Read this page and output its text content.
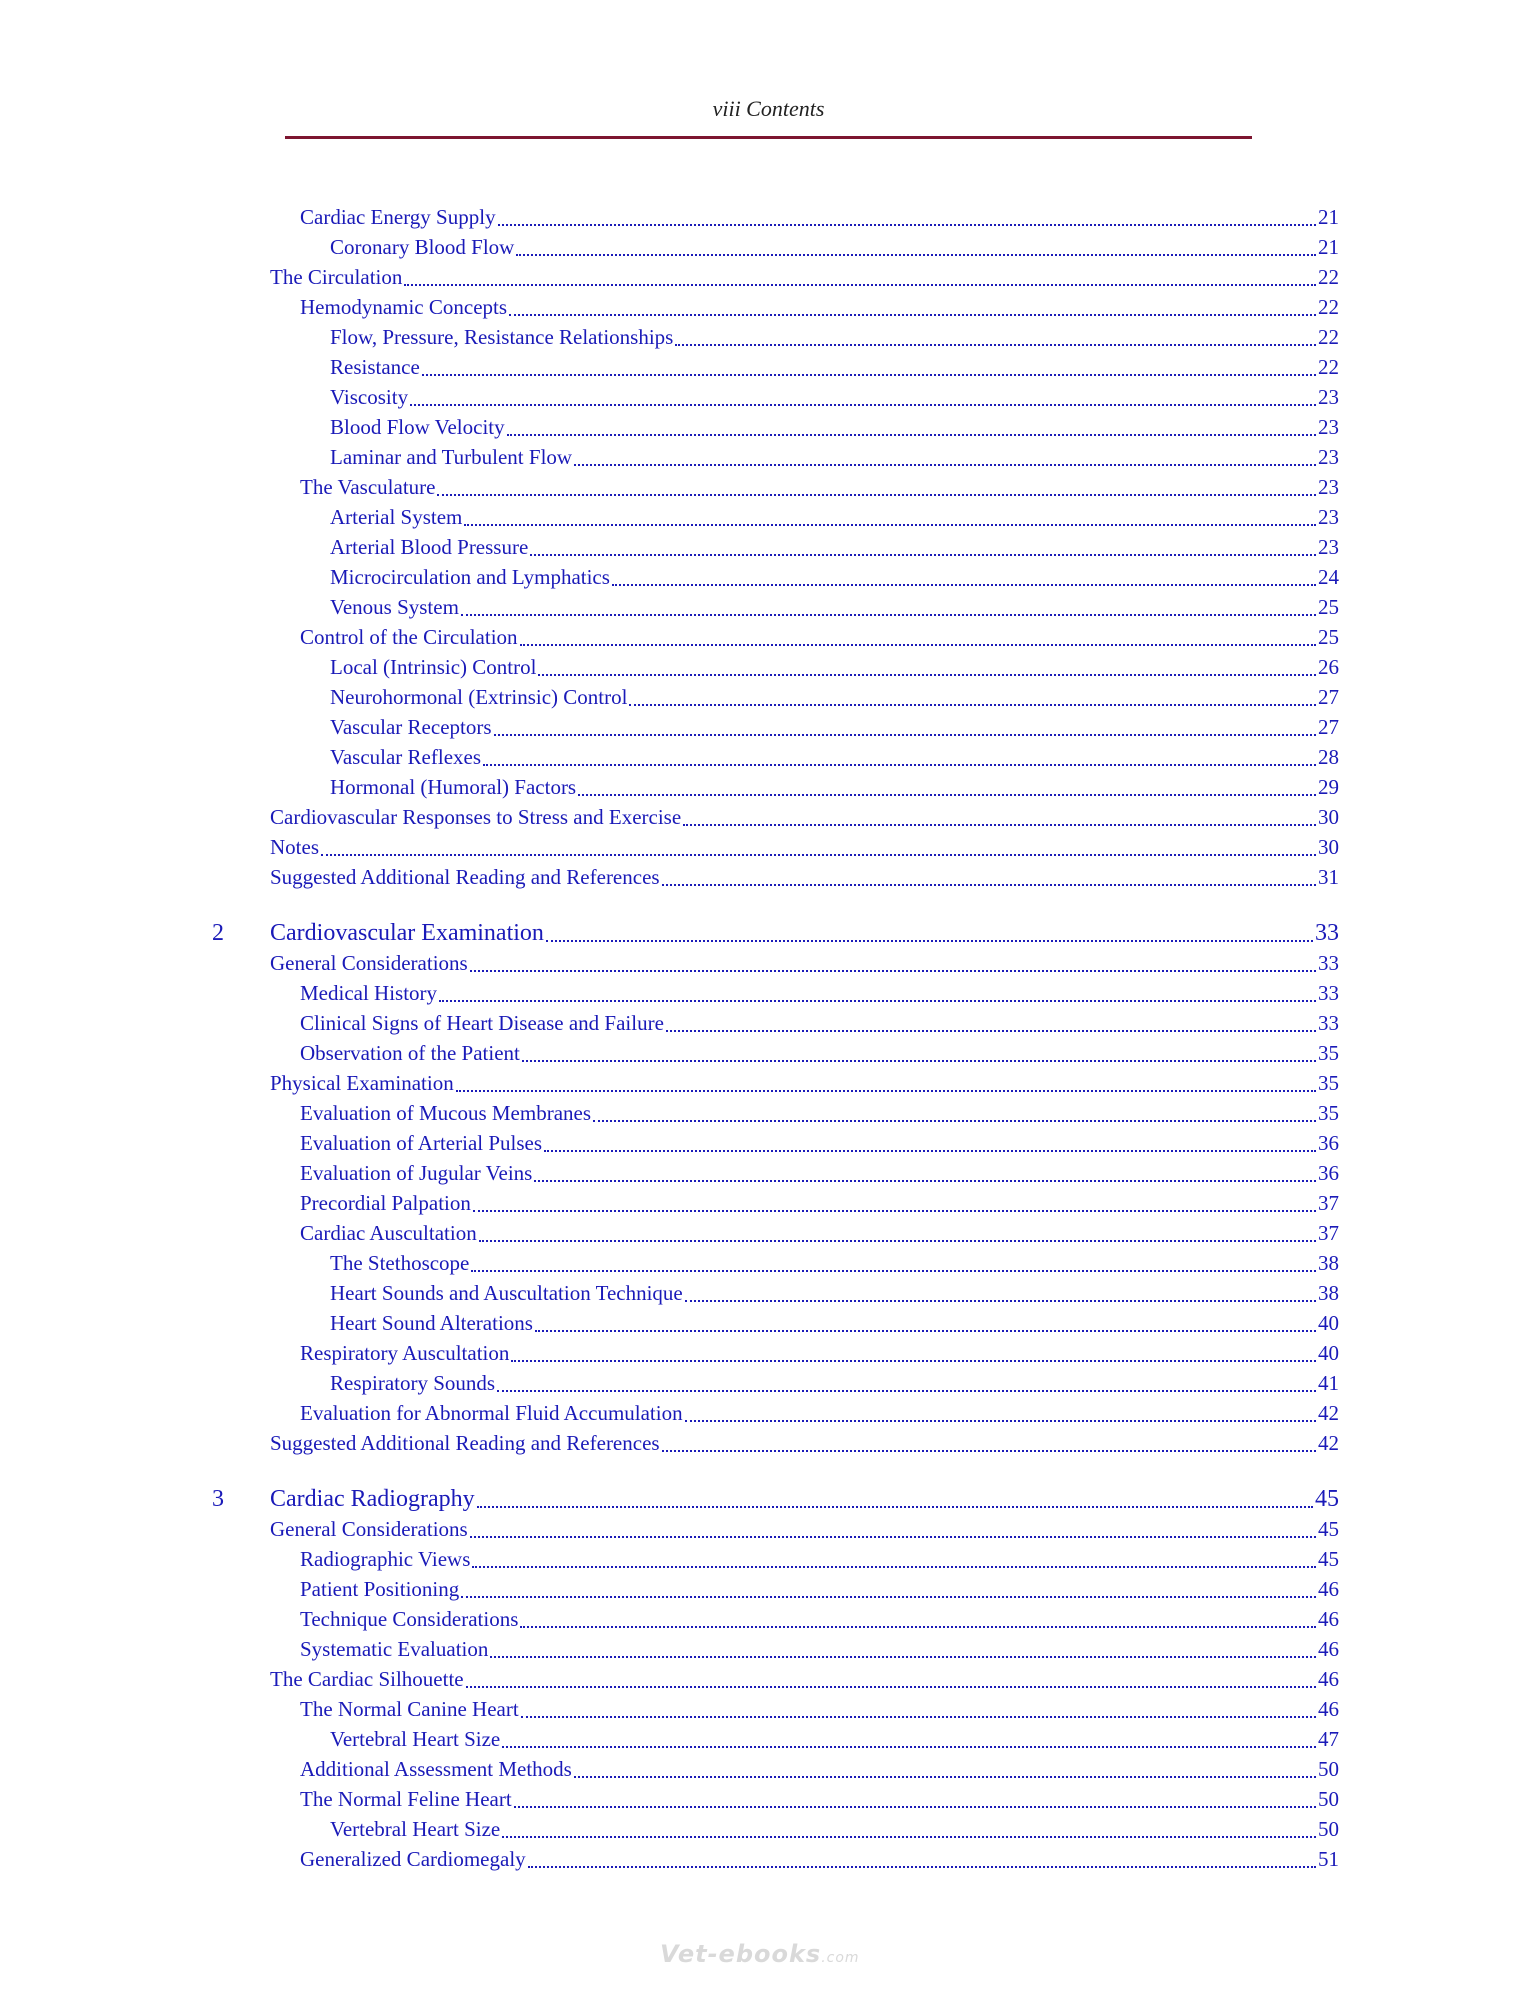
viii Contents
Cardiac Energy Supply	21
Coronary Blood Flow	21
The Circulation	22
Hemodynamic Concepts	22
Flow, Pressure, Resistance Relationships	22
Resistance	22
Viscosity	23
Blood Flow Velocity	23
Laminar and Turbulent Flow	23
The Vasculature	23
Arterial System	23
Arterial Blood Pressure	23
Microcirculation and Lymphatics	24
Venous System	25
Control of the Circulation	25
Local (Intrinsic) Control	26
Neurohormonal (Extrinsic) Control	27
Vascular Receptors	27
Vascular Reflexes	28
Hormonal (Humoral) Factors	29
Cardiovascular Responses to Stress and Exercise	30
Notes	30
Suggested Additional Reading and References	31
2 Cardiovascular Examination	33
General Considerations	33
Medical History	33
Clinical Signs of Heart Disease and Failure	33
Observation of the Patient	35
Physical Examination	35
Evaluation of Mucous Membranes	35
Evaluation of Arterial Pulses	36
Evaluation of Jugular Veins	36
Precordial Palpation	37
Cardiac Auscultation	37
The Stethoscope	38
Heart Sounds and Auscultation Technique	38
Heart Sound Alterations	40
Respiratory Auscultation	40
Respiratory Sounds	41
Evaluation for Abnormal Fluid Accumulation	42
Suggested Additional Reading and References	42
3 Cardiac Radiography	45
General Considerations	45
Radiographic Views	45
Patient Positioning	46
Technique Considerations	46
Systematic Evaluation	46
The Cardiac Silhouette	46
The Normal Canine Heart	46
Vertebral Heart Size	47
Additional Assessment Methods	50
The Normal Feline Heart	50
Vertebral Heart Size	50
Generalized Cardiomegaly	51
Vet-ebooks.com
